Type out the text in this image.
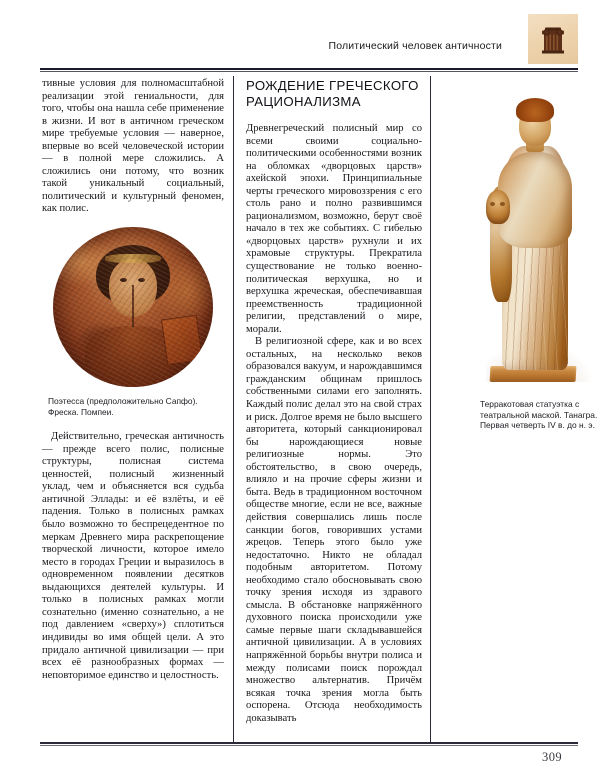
Политический человек античности

тивные условия для полномасштабной реализации этой гениальности, для того, чтобы она нашла себе применение в жизни. И вот в античном греческом мире требуемые условия — наверное, впервые во всей человеческой истории — в полной мере сложились. А сложились они потому, что возник такой уникальный социальный, политический и культурный феномен, как полис.

Поэтесса (предположительно Сапфо). Фреска. Помпеи.

Действительно, греческая античность — прежде всего полис, полисные структуры, полисная система ценностей, полисный жизненный уклад, чем и объясняется вся судьба античной Эллады: и её взлёты, и её падения. Только в полисных рамках было возможно то беспрецедентное по меркам Древнего мира раскрепощение творческой личности, которое имело место в городах Греции и выразилось в одновременном появлении десятков выдающихся деятелей культуры. И только в полисных рамках могли сознательно (именно сознательно, а не под давлением «сверху») сплотиться индивиды во имя общей цели. А это придало античной цивилизации — при всех её разнообразных формах — неповторимое единство и целостность.

РОЖДЕНИЕ ГРЕЧЕСКОГО РАЦИОНАЛИЗМА

Древнегреческий полисный мир со всеми своими социально-политическими особенностями возник на обломках «дворцовых царств» ахейской эпохи. Принципиальные черты греческого мировоззрения с его столь рано и полно развившимся рационализмом, возможно, берут своё начало в тех же событиях. С гибелью «дворцовых царств» рухнули и их храмовые структуры. Прекратила существование не только военно-политическая верхушка, но и верхушка жреческая, обеспечивавшая преемственность традиционной религии, представлений о мире, морали.

В религиозной сфере, как и во всех остальных, на несколько веков образовался вакуум, и нарождавшимся гражданским общинам пришлось собственными силами его заполнять. Каждый полис делал это на свой страх и риск. Долгое время не было высшего авторитета, который санкционировал бы нарождающиеся новые религиозные нормы. Это обстоятельство, в свою очередь, влияло и на прочие сферы жизни и быта. Ведь в традиционном восточном обществе многие, если не все, важные действия совершались лишь после санкции богов, говоривших устами жрецов. Теперь этого было уже недостаточно. Никто не обладал подобным авторитетом. Потому необходимо стало обосновывать свою точку зрения исходя из здравого смысла. В обстановке напряжённого духовного поиска происходили уже самые первые шаги складывавшейся античной цивилизации. А в условиях напряжённой борьбы внутри полиса и между полисами поиск порождал множество альтернатив. Причём всякая точка зрения могла быть оспорена. Отсюда необходимость доказывать

Терракотовая статуэтка с театральной маской. Танагра. Первая четверть IV в. до н. э.
309
